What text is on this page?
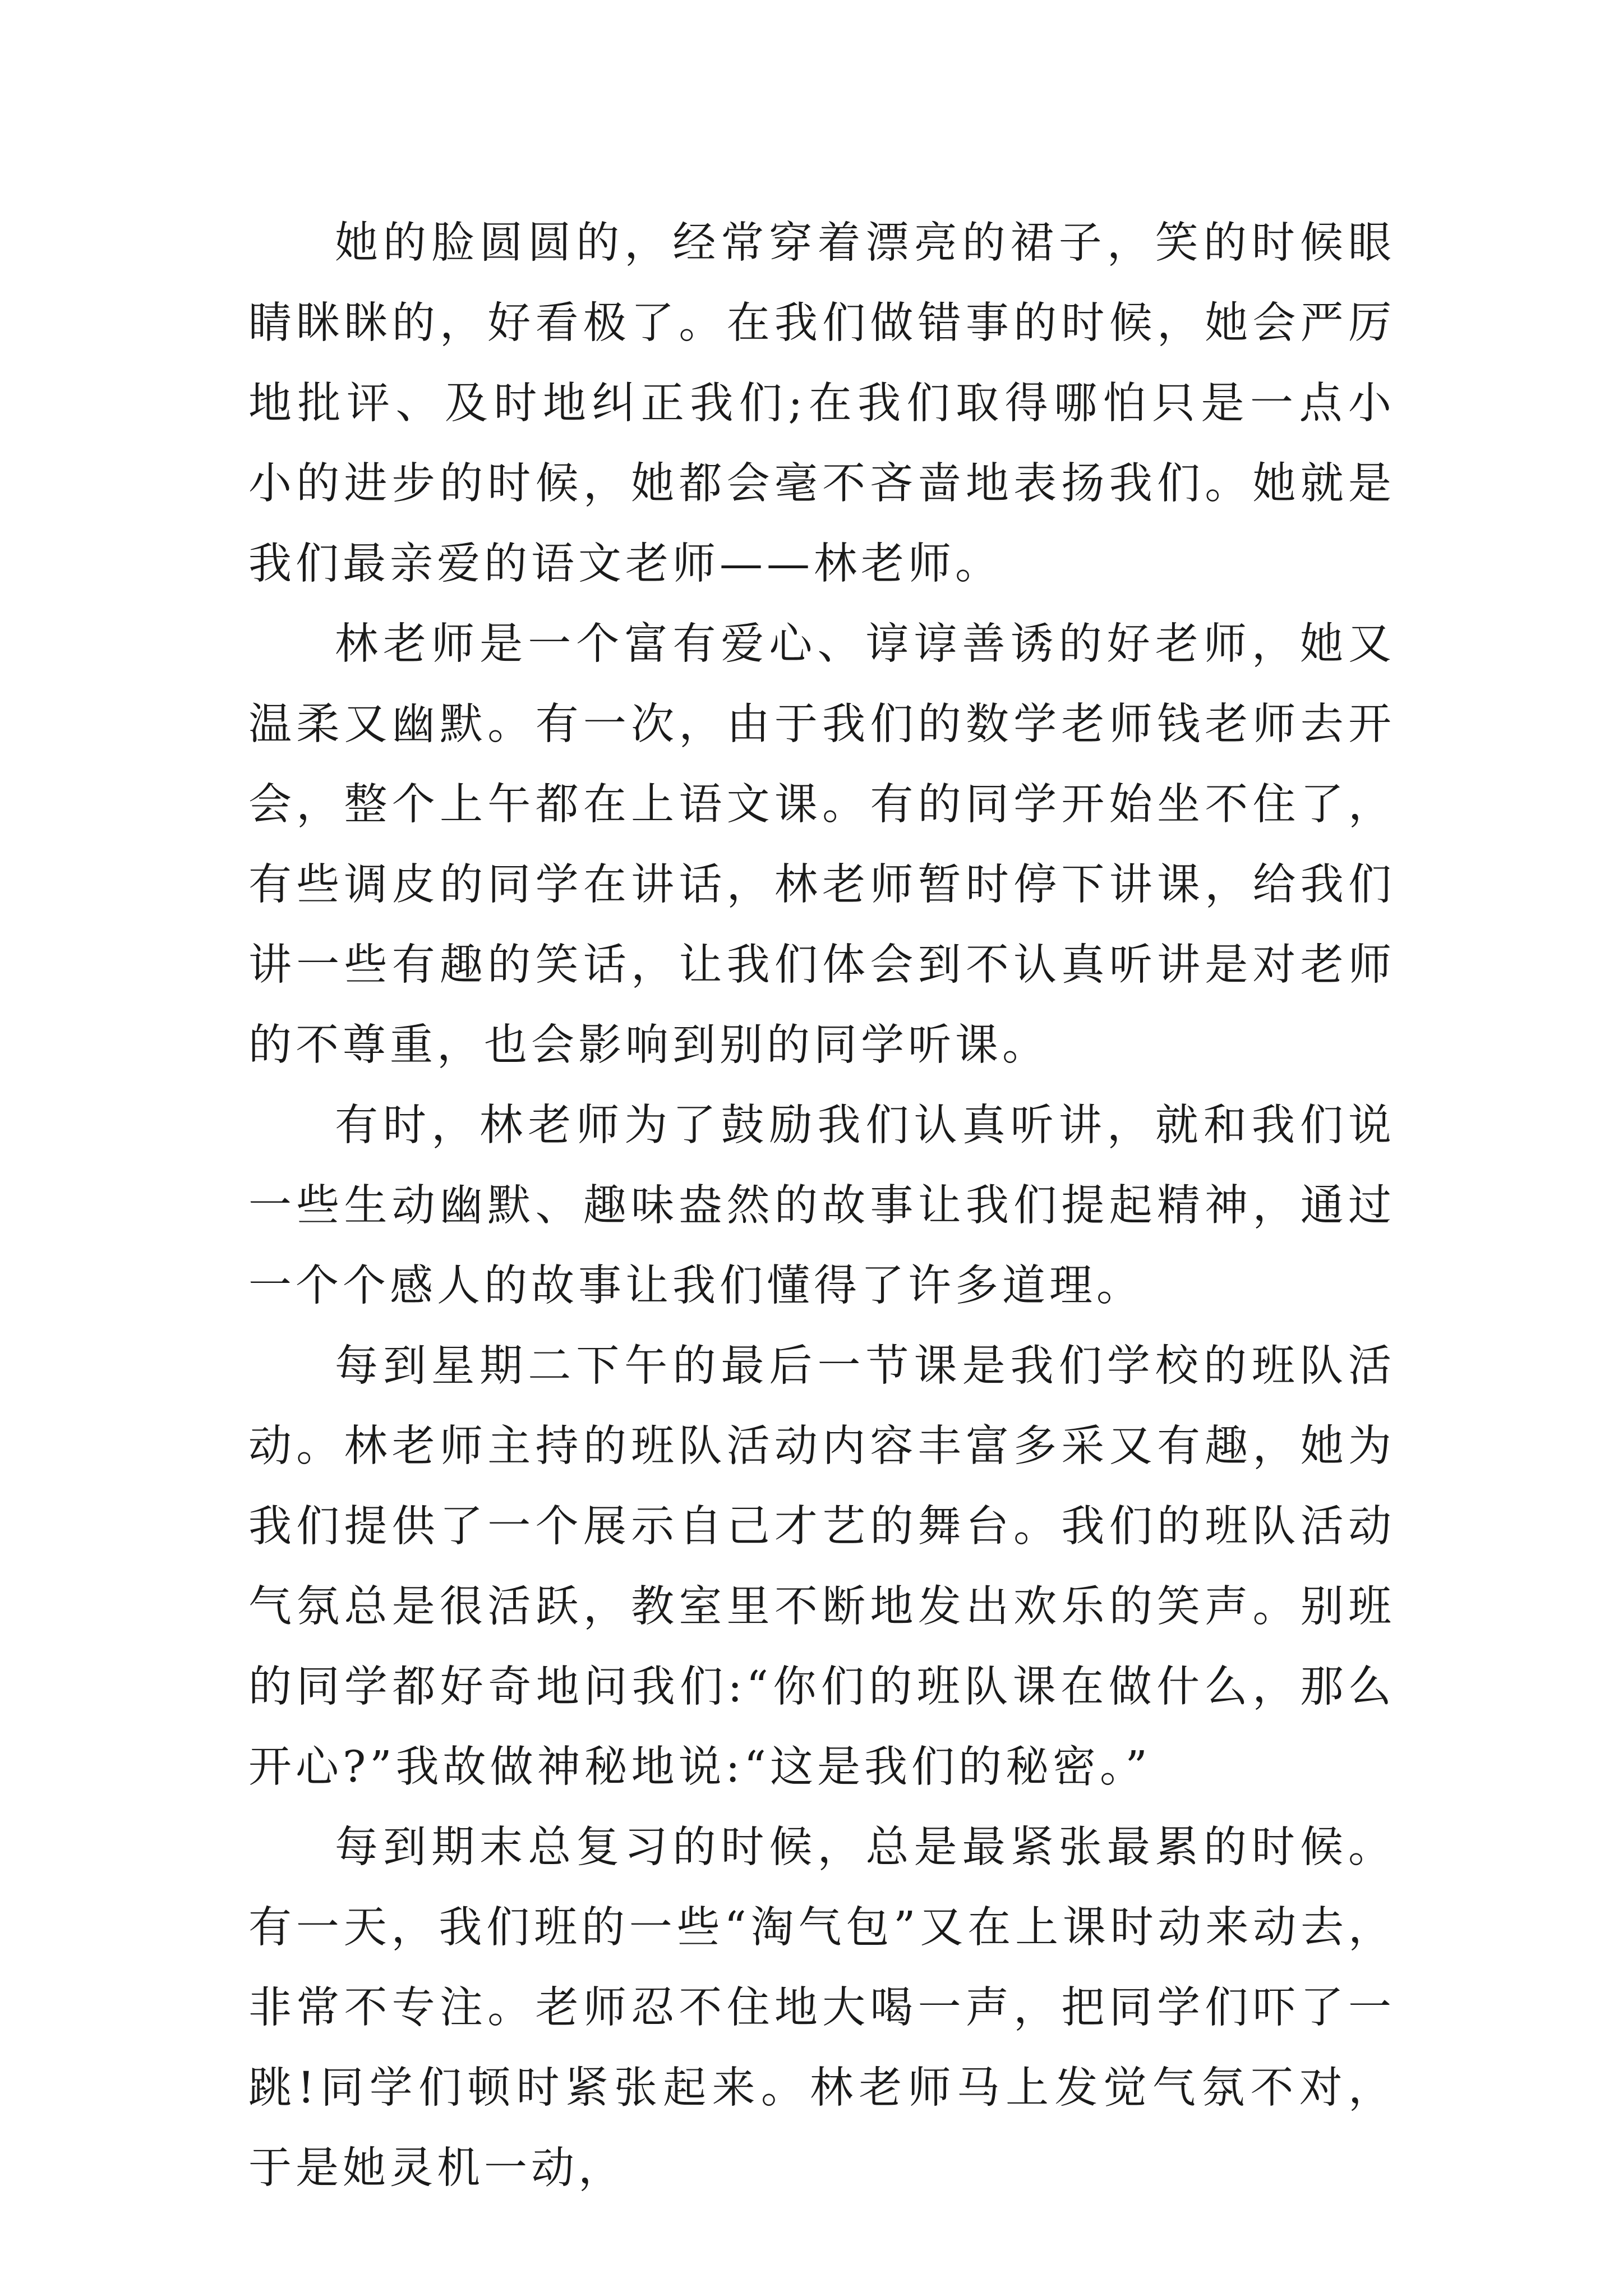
她的脸圆圆的，经常穿着漂亮的裙子，笑的时候眼睛眯眯的，好看极了。在我们做错事的时候，她会严厉地批评、及时地纠正我们;在我们取得哪怕只是一点小小的进步的时候，她都会毫不吝啬地表扬我们。她就是我们最亲爱的语文老师——林老师。

林老师是一个富有爱心、谆谆善诱的好老师，她又温柔又幽默。有一次，由于我们的数学老师钱老师去开会，整个上午都在上语文课。有的同学开始坐不住了，有些调皮的同学在讲话，林老师暂时停下讲课，给我们讲一些有趣的笑话，让我们体会到不认真听讲是对老师的不尊重，也会影响到别的同学听课。

有时，林老师为了鼓励我们认真听讲，就和我们说一些生动幽默、趣味盎然的故事让我们提起精神，通过一个个感人的故事让我们懂得了许多道理。

每到星期二下午的最后一节课是我们学校的班队活动。林老师主持的班队活动内容丰富多采又有趣，她为我们提供了一个展示自己才艺的舞台。我们的班队活动气氛总是很活跃，教室里不断地发出欢乐的笑声。别班的同学都好奇地问我们:“你们的班队课在做什么，那么开心?”我故做神秘地说:“这是我们的秘密。”

每到期末总复习的时候，总是最紧张最累的时候。有一天，我们班的一些“淘气包”又在上课时动来动去，非常不专注。老师忍不住地大喝一声，把同学们吓了一跳!同学们顿时紧张起来。林老师马上发觉气氛不对，于是她灵机一动，
